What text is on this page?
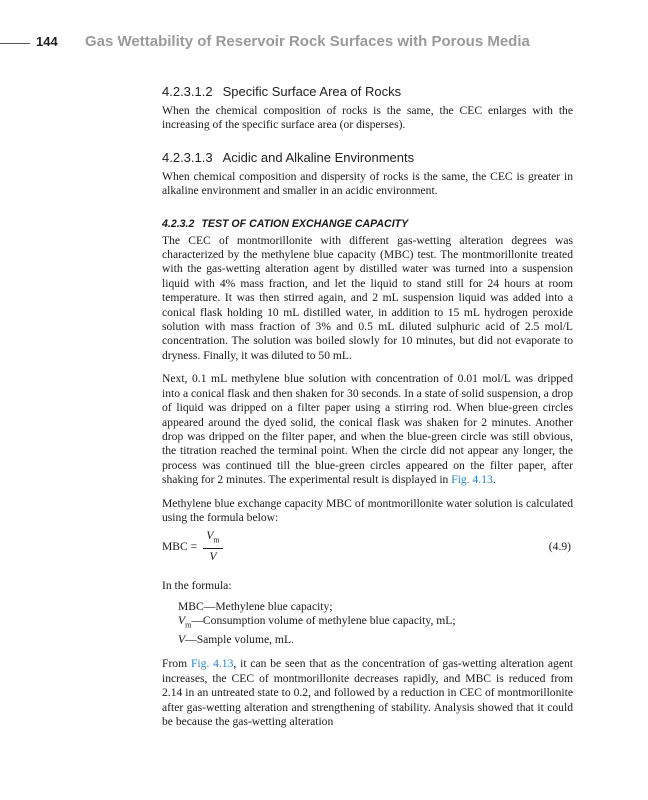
144 Gas Wettability of Reservoir Rock Surfaces with Porous Media
4.2.3.1.2 Specific Surface Area of Rocks

When the chemical composition of rocks is the same, the CEC enlarges with the increasing of the specific surface area (or disperses).

4.2.3.1.3 Acidic and Alkaline Environments

When chemical composition and dispersity of rocks is the same, the CEC is greater in alkaline environment and smaller in an acidic environment.

4.2.3.2 TEST OF CATION EXCHANGE CAPACITY

The CEC of montmorillonite with different gas-wetting alteration degrees was characterized by the methylene blue capacity (MBC) test. The montmorillonite treated with the gas-wetting alteration agent by distilled water was turned into a suspension liquid with 4% mass fraction, and let the liquid to stand still for 24 hours at room temperature. It was then stirred again, and 2 mL suspension liquid was added into a conical flask holding 10 mL distilled water, in addition to 15 mL hydrogen peroxide solution with mass fraction of 3% and 0.5 mL diluted sulphuric acid of 2.5 mol/L concentration. The solution was boiled slowly for 10 minutes, but did not evaporate to dryness. Finally, it was diluted to 50 mL.

Next, 0.1 mL methylene blue solution with concentration of 0.01 mol/L was dripped into a conical flask and then shaken for 30 seconds. In a state of solid suspension, a drop of liquid was dripped on a filter paper using a stirring rod. When blue-green circles appeared around the dyed solid, the conical flask was shaken for 2 minutes. Another drop was dripped on the filter paper, and when the blue-green circle was still obvious, the titration reached the terminal point. When the circle did not appear any longer, the process was continued till the blue-green circles appeared on the filter paper, after shaking for 2 minutes. The experimental result is displayed in Fig. 4.13.

Methylene blue exchange capacity MBC of montmorillonite water solution is calculated using the formula below:

MBC = $\frac{V_m}{V}$	(4.9)

In the formula:

MBC—Methylene blue capacity;
$V_m—Consumption$ volume of methylene blue capacity, mL;
V—Sample volume, mL.

From Fig. 4.13, it can be seen that as the concentration of gas-wetting alteration agent increases, the CEC of montmorillonite decreases rapidly, and MBC is reduced from 2.14 in an untreated state to 0.2, and followed by a reduction in CEC of montmorillonite after gas-wetting alteration and strengthening of stability. Analysis showed that it could be because the gas-wetting alteration
